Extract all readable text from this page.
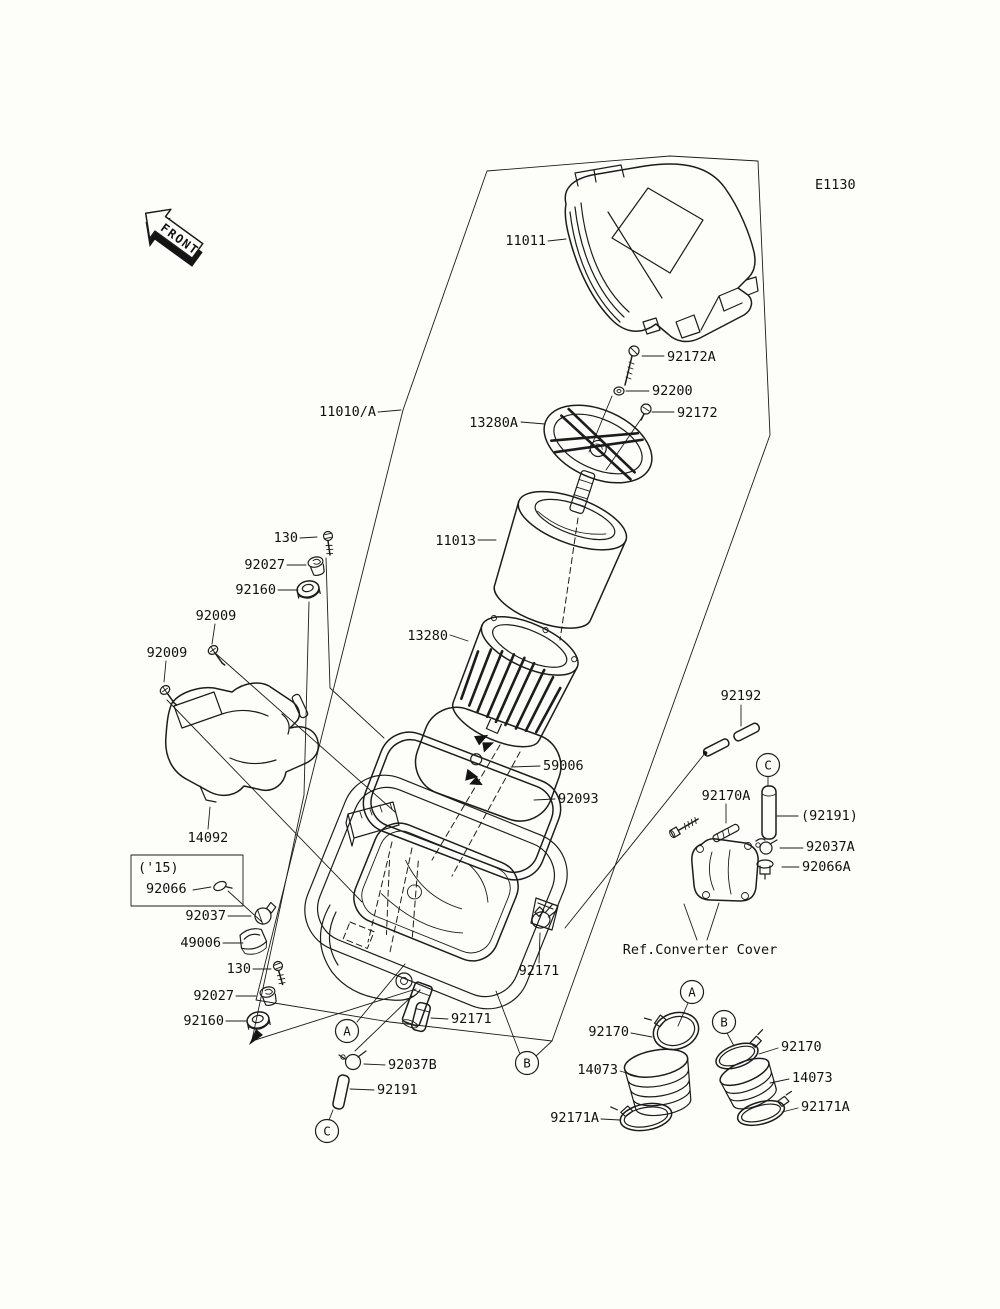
FRONT
A
C
B
A
B
C
E1130
11011
92172A
92200
92172
13280A
11010/A
11013
13280
130
92027
92160
92009
92009
14092
('15)
92066
92037
49006
130
92027
92160
59006
92093
92171
92171
92037B
92191
92192
92170A
(92191)
92037A
92066A
Ref.Converter Cover
92170
14073
92171A
92170
14073
92171A
